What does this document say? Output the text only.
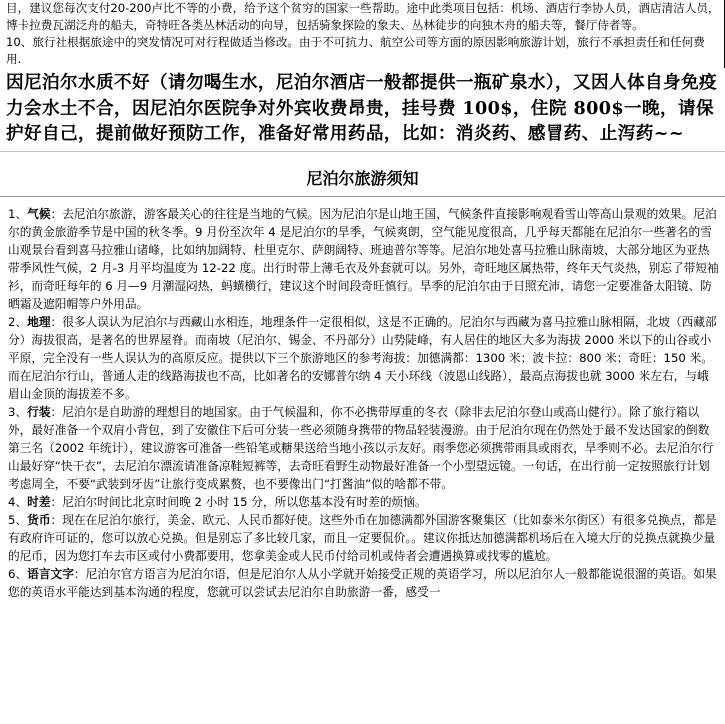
目，建议您每次支付20-200卢比不等的小费，给予这个贫穷的国家一些帮助。途中此类项目包括：机场、酒店行李协人员，酒店清洁人员，博卡拉费瓦湖泛舟的船夫，奇特旺各类丛林活动的向导，包括骑象探险的象夫、丛林徒步的向独木舟的船夫等，餐厅侍者等。

10、旅行社根据旅途中的突发情况可对行程做适当修改。由于不可抗力、航空公司等方面的原因影响旅游计划，旅行不承担责任和任何费用.

因尼泊尔水质不好（请勿喝生水，尼泊尔酒店一般都提供一瓶矿泉水），又因人体自身免疫力会水土不合，因尼泊尔医院争对外宾收费昂贵，挂号费 100$，住院 800$一晚，请保护好自己，提前做好预防工作，准备好常用药品，比如：消炎药、感冒药、止泻药~~

尼泊尔旅游须知

1、气候：去尼泊尔旅游，游客最关心的往往是当地的气候。因为尼泊尔是山地王国，气候条件直接影响观看雪山等高山景观的效果。尼泊尔的黄金旅游季节是中国的秋冬季。9 月份至次年 4 是尼泊尔的旱季，气候爽朗，空气能见度很高，几乎每天都能在尼泊尔一些著名的雪山观景台看到喜马拉雅山诸峰，比如纳加阔特、杜里克尔、萨朗阔特、班迪普尔等等。尼泊尔地处喜马拉雅山脉南坡，大部分地区为亚热带季风性气候，2 月-3 月平均温度为 12-22 度。出行时带上薄毛衣及外套就可以。另外，奇旺地区属热带，终年天气炎热，别忘了带短袖衫，而奇旺每年的 6 月—9 月潮湿闷热，蚂蟥横行，建议这个时间段奇旺慎行。旱季的尼泊尔由于日照充沛，请您一定要准备太阳镜、防晒霜及遮阳帽等户外用品。

2、地理：很多人误认为尼泊尔与西藏山水相连，地理条件一定很相似，这是不正确的。尼泊尔与西藏为喜马拉雅山脉相隔，北坡（西藏部分）海拔很高，是著名的世界屋脊。而南坡（尼泊尔、锡金、不丹部分）山势陡峰，有人居住的地区大多为海拔 2000 米以下的山谷或小平原，完全没有一些人误认为的高原反应。提供以下三个旅游地区的参考海拔：加德满都：1300 米；波卡拉：800 米；奇旺：150 米。而在尼泊尔行山，普通人走的线路海拔也不高，比如著名的安娜普尔纳 4 天小环线（波恩山线路），最高点海拔也就 3000 米左右，与峨眉山金顶的海拔差不多。

3、行装：尼泊尔是自助游的理想目的地国家。由于气候温和，你不必携带厚重的冬衣（除非去尼泊尔登山或高山健行）。除了旅行箱以外，最好准备一个双肩小背包，到了安徽住下后可分装一些必须随身携带的物品轻装漫游。由于尼泊尔现在仍然处于最不发达国家的倒数第三名（2002 年统计），建议游客可准备一些铅笔或糖果送给当地小孩以示友好。雨季您必须携带雨具或雨衣，旱季则不必。去尼泊尔行山最好穿“快干衣”，去尼泊尔漂流请准备凉鞋短裤等，去奇旺看野生动物最好准备一个小型望远镜。一句话，在出行前一定按照旅行计划考虑周全，不要“武装到牙齿”让旅行变成累赘，也不要像出门“打酱油”似的啥都不带。

4、时差：尼泊尔时间比北京时间晚 2 小时 15 分，所以您基本没有时差的烦恼。

5、货币：现在在尼泊尔旅行，美金、欧元、人民币都好使。这些外币在加德满都外国游客聚集区（比如泰米尔街区）有很多兑换点，都是有政府许可证的，您可以放心兑换。但是别忘了多比较几家，而且一定要侃价。。建议你抵达加德满都机场后在入境大厅的兑换点就换少量的尼币，因为您打车去市区或付小费都要用，您拿美金或人民币付给司机或侍者会遭遇换算或找零的尴尬。

6、语言文字：尼泊尔官方语言为尼泊尔语，但是尼泊尔人从小学就开始接受正规的英语学习，所以尼泊尔人一般都能说很溜的英语。如果您的英语水平能达到基本沟通的程度，您就可以尝试去尼泊尔自助旅游一番，感受一
